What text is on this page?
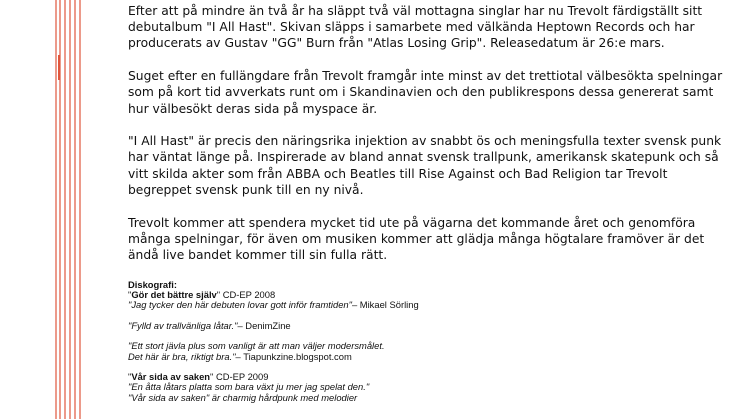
Efter att på mindre än två år ha släppt två väl mottagna singlar har nu Trevolt färdigställt sitt debutalbum "I All Hast". Skivan släpps i samarbete med välkända Heptown Records och har producerats av Gustav "GG" Burn från "Atlas Losing Grip". Releasedatum är 26:e mars.

Suget efter en fullängdare från Trevolt framgår inte minst av det trettiotal välbesökta spelningar som på kort tid avverkats runt om i Skandinavien och den publikrespons dessa genererat samt hur välbesökt deras sida på myspace är.

"I All Hast" är precis den näringsrika injektion av snabbt ös och meningsfulla texter svensk punk har väntat länge på. Inspirerade av bland annat svensk trallpunk, amerikansk skatepunk och så vitt skilda akter som från ABBA och Beatles till Rise Against och Bad Religion tar Trevolt begreppet svensk punk till en ny nivå.

Trevolt kommer att spendera mycket tid ute på vägarna det kommande året och genomföra många spelningar, för även om musiken kommer att glädja många högtalare framöver är det ändå live bandet kommer till sin fulla rätt.

Diskografi:
"Gör det bättre själv" CD-EP 2008
"Jag tycker den här debuten lovar gott inför framtiden"– Mikael Sörling
"Fylld av trallvänliga låtar."– DenimZine
"Ett stort jävla plus som vanligt är att man väljer modersmålet.
Det här är bra, riktigt bra."– Tiapunkzine.blogspot.com
"Vår sida av saken" CD-EP 2009
"En åtta låtars platta som bara växt ju mer jag spelat den."
"Vår sida av saken" är charmig hårdpunk med melodier
